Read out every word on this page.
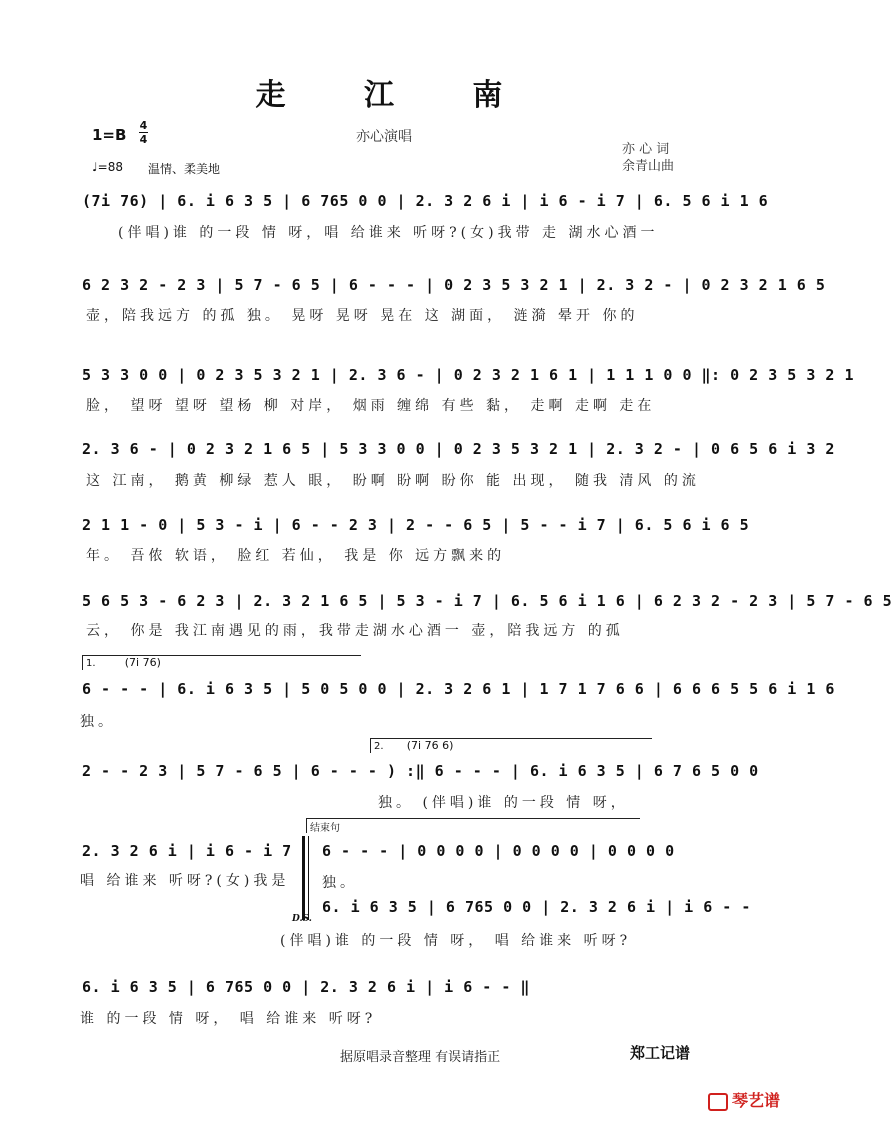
走 江 南
1=B
4
4	亦心演唱
亦 心 词
余青山曲
♩=88 温情、柔美地
(7i 76) | 6. i 6 3 5 | 6 765 0 0 | 2. 3 2 6 i | i 6 - i 7 | 6. 5 6 i 1 6
(伴唱)谁 的一段 情 呀，唱 给谁来 听呀?(女)我带 走 湖水心酒一
6 2 3 2 - 2 3 | 5 7 - 6 5 | 6 - - - | 0 2 3 5 3 2 1 | 2. 3 2 - | 0 2 3 2 1 6 5
壶，陪我远方 的孤 独。 晃呀 晃呀 晃在 这 湖面， 涟漪 晕开 你的
5 3 3 0 0 | 0 2 3 5 3 2 1 | 2. 3 6 - | 0 2 3 2 1 6 1 | 1 1 1 0 0 ‖: 0 2 3 5 3 2 1
脸， 望呀 望呀 望杨 柳 对岸， 烟雨 缠绵 有些 黏， 走啊 走啊 走在
2. 3 6 - | 0 2 3 2 1 6 5 | 5 3 3 0 0 | 0 2 3 5 3 2 1 | 2. 3 2 - | 0 6 5 6 i 3 2
这 江南， 鹅黄 柳绿 惹人 眼， 盼啊 盼啊 盼你 能 出现， 随我 清风 的流
2 1 1 - 0 | 5 3 - i | 6 - - 2 3 | 2 - - 6 5 | 5 - - i 7 | 6. 5 6 i 6 5
年。 吾侬 软语， 脸红 若仙， 我是 你 远方飘来的
5 6 5 3 - 6 2 3 | 2. 3 2 1 6 5 | 5 3 - i 7 | 6. 5 6 i 1 6 | 6 2 3 2 - 2 3 | 5 7 - 6 5
云， 你是 我江南遇见的雨，我带走湖水心酒一 壶，陪我远方 的孤
1.	(7i 76)
6 - - - | 6. i 6 3 5 | 5 0 5 0 0 | 2. 3 2 6 1 | 1 7 1 7 6 6 | 6 6 6 5 5 6 i 1 6
独。
2. (7i 76 6)
2 - - 2 3 | 5 7 - 6 5 | 6 - - - ) :‖ 6 - - - | 6. i 6 3 5 | 6 7 6 5 0 0
独。 (伴唱)谁 的一段 情 呀，
2. 3 2 6 i | i 6 - i 7
唱 给谁来 听呀?(女)我是
结束句
6 - - - | 0 0 0 0 | 0 0 0 0 | 0 0 0 0
独。
6. i 6 3 5 | 6 765 0 0 | 2. 3 2 6 i | i 6 - -
D.S.
(伴唱)谁 的一段 情 呀， 唱 给谁来 听呀?
6. i 6 3 5 | 6 765 0 0 | 2. 3 2 6 i | i 6 - - ‖
谁 的一段 情 呀， 唱 给谁来 听呀?
据原唱录音整理 有误请指正	郑工记谱
琴艺谱
